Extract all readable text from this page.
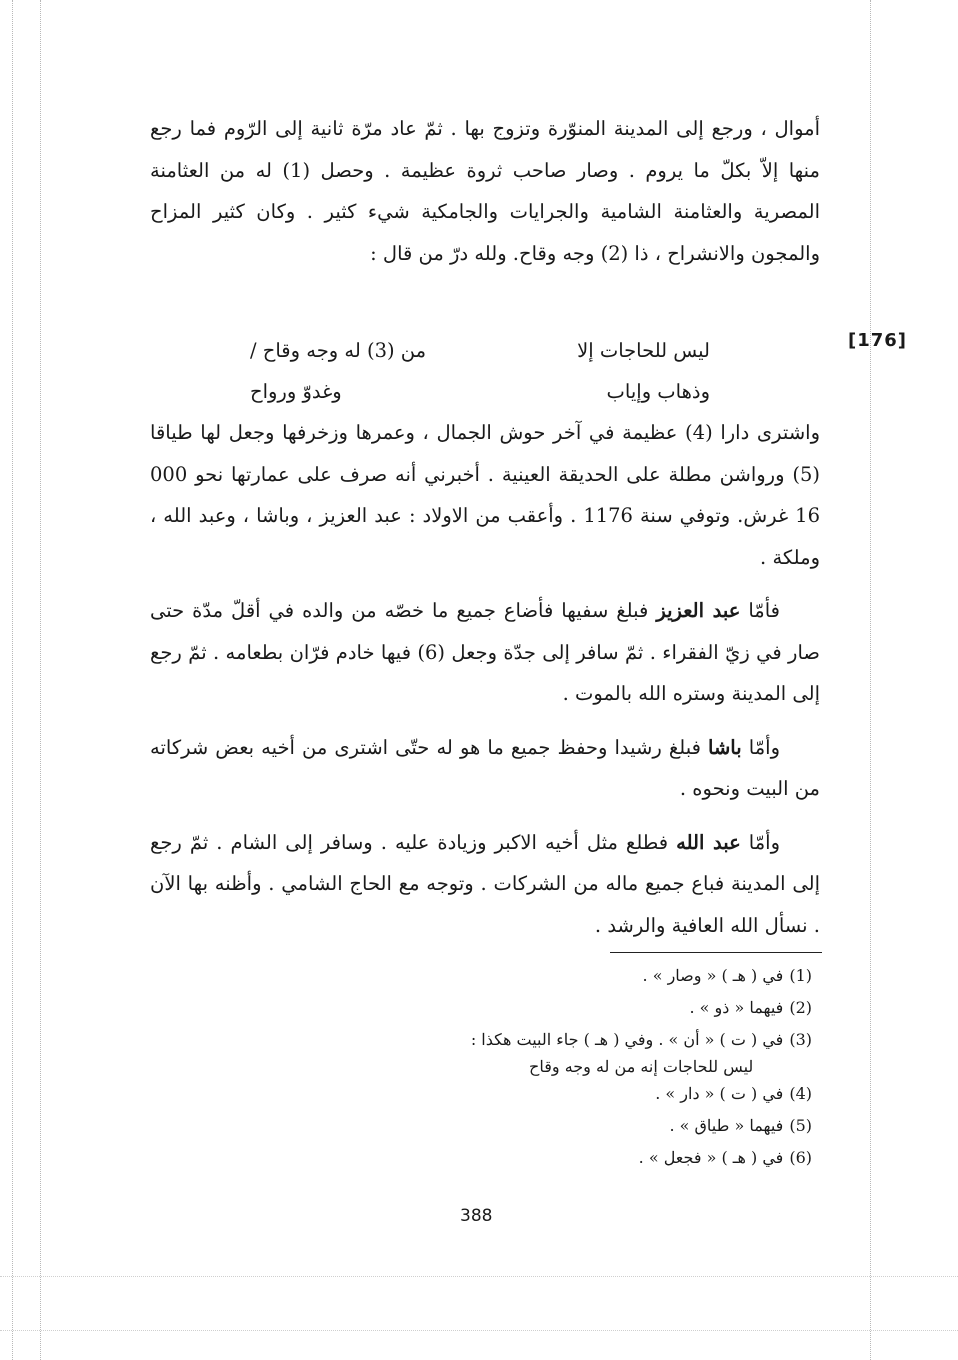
[176]

أموال ، ورجع إلى المدينة المنوّرة وتزوج بها . ثمّ عاد مرّة ثانية إلى الرّوم فما رجع منها إلاّ بكلّ ما يروم . وصار صاحب ثروة عظيمة . وحصل (1) له من العثامنة المصرية والعثامنة الشامية والجرايات والجامكية شيء كثير . وكان كثير المزاح والمجون والانشراح ، ذا (2) وجه وقاح. ولله درّ من قال :

ليس للحاجات إلا
من (3) له وجه وقاح /
وذهاب وإياب
وغدوّ ورواح

واشترى دارا (4) عظيمة في آخر حوش الجمال ، وعمرها وزخرفها وجعل لها طياقا (5) ورواشن مطلة على الحديقة العينية . أخبرني أنه صرف على عمارتها نحو 000 16 غرش. وتوفي سنة 1176 . وأعقب من الاولاد : عبد العزيز ، وباشا ، وعبد الله ، وملكة .

فأمّا عبد العزيز فبلغ سفيها فأضاع جميع ما خصّه من والده في أقلّ مدّة حتى صار في زيّ الفقراء . ثمّ سافر إلى جدّة وجعل (6) فيها خادم فرّان بطعامه . ثمّ رجع إلى المدينة وستره الله بالموت .

وأمّا باشا فبلغ رشيدا وحفظ جميع ما هو له حتّى اشترى من أخيه بعض شركاته من البيت ونحوه .

وأمّا عبد الله فطلع مثل أخيه الاكبر وزيادة عليه . وسافر إلى الشام . ثمّ رجع إلى المدينة فباع جميع ماله من الشركات . وتوجه مع الحاج الشامي . وأظنه بها الآن . نسأل الله العافية والرشد .

(1)
في ( هـ ) « وصار » .
(2)
فيهما « ذو » .
(3)
في ( ت ) « أن » . وفي ( هـ ) جاء البيت هكذا :
ليس للحاجات إنه من له وجه وقاح
(4)
في ( ت ) « دار » .
(5)
فيهما « طياق » .
(6)
في ( هـ ) « فجعل » .
388
